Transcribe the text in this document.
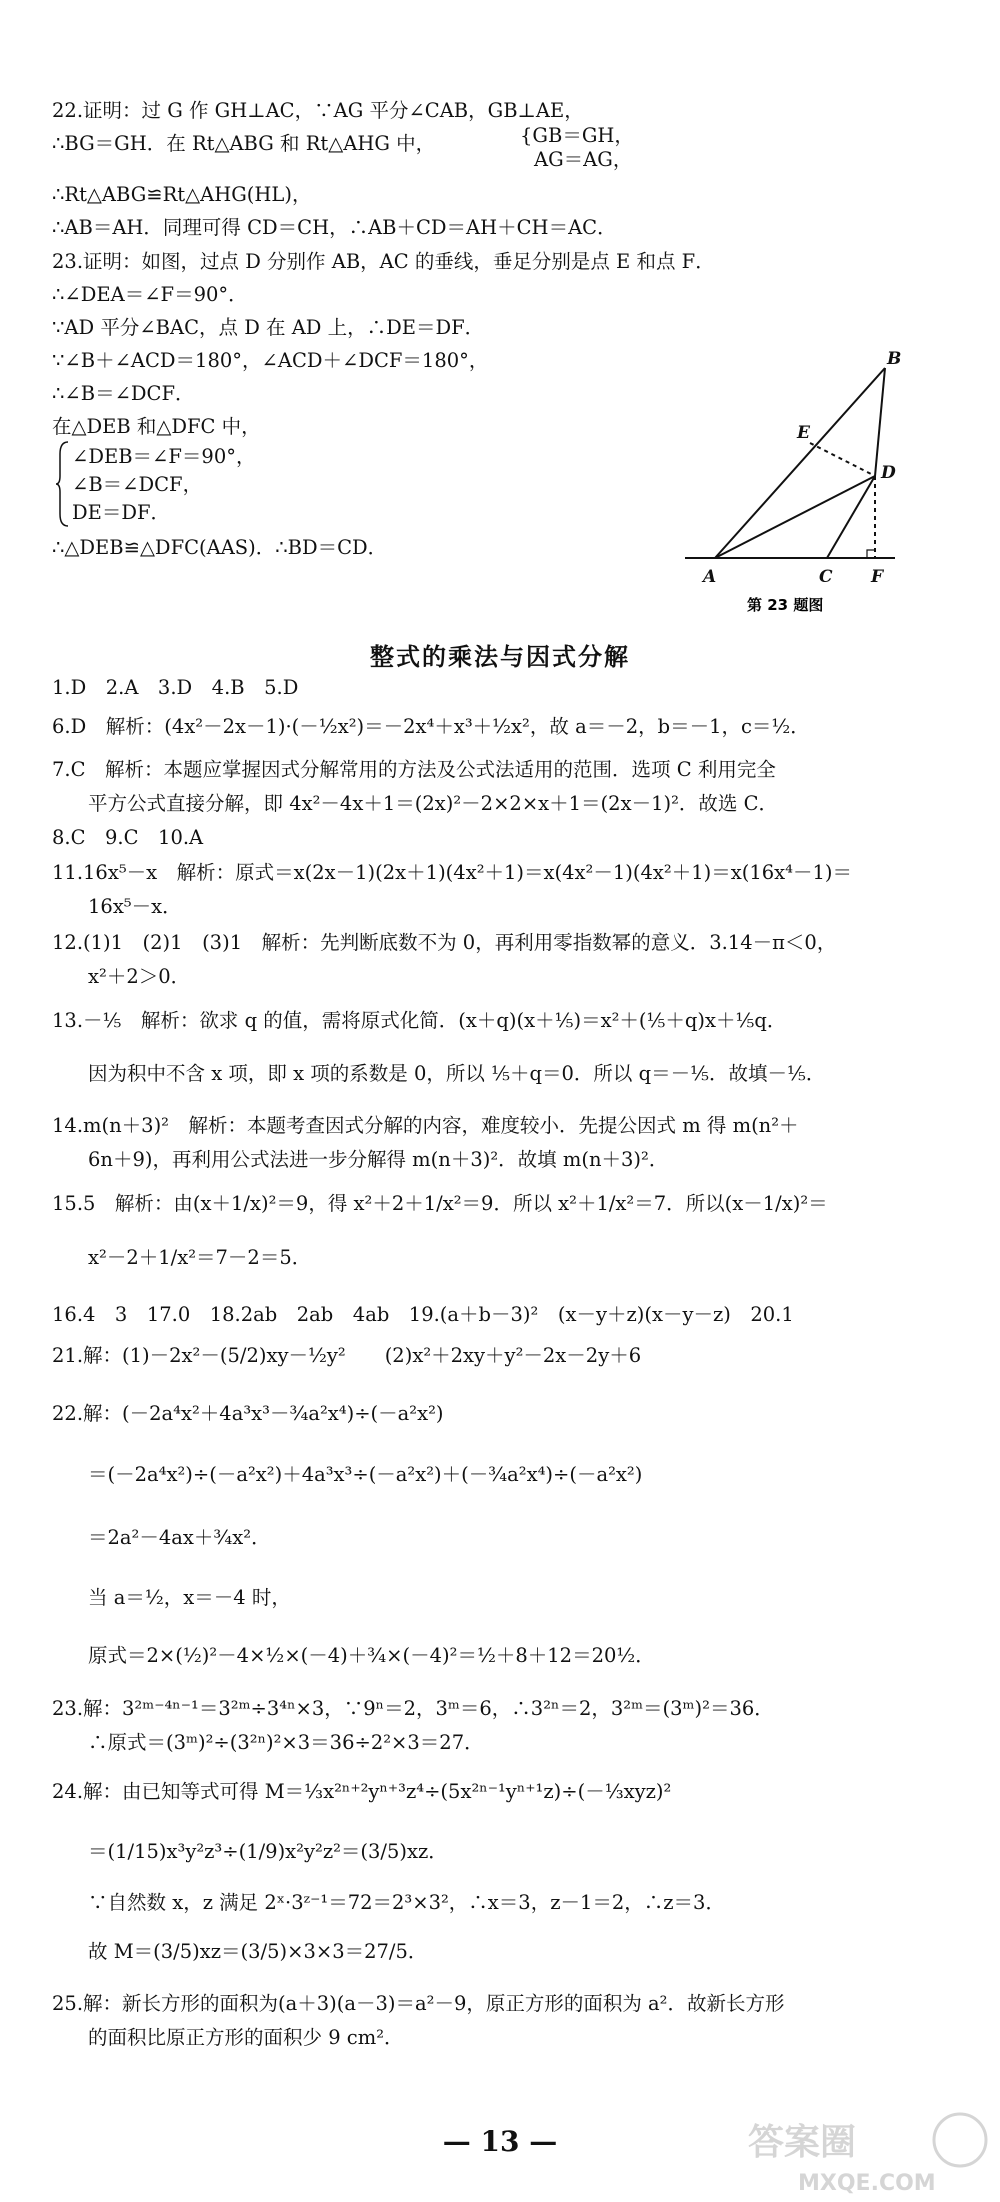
22.证明：过 G 作 GH⊥AC，∵AG 平分∠CAB，GB⊥AE，
∴BG＝GH．在 Rt△ABG 和 Rt△AHG 中，	{GB＝GH，
AG＝AG，
∴Rt△ABG≌Rt△AHG(HL)，
∴AB＝AH．同理可得 CD＝CH，∴AB＋CD＝AH＋CH＝AC．
23.证明：如图，过点 D 分别作 AB，AC 的垂线，垂足分别是点 E 和点 F．
∴∠DEA＝∠F＝90°．
∵AD 平分∠BAC，点 D 在 AD 上，∴DE＝DF．
∵∠B＋∠ACD＝180°，∠ACD＋∠DCF＝180°，
∴∠B＝∠DCF．
在△DEB 和△DFC 中，
∠DEB＝∠F＝90°，
∠B＝∠DCF，
DE＝DF．
∴△DEB≌△DFC(AAS)．∴BD＝CD．
A
B
C
D
E
F
第 23 题图
整式的乘法与因式分解
1.D　2.A　3.D　4.B　5.D
6.D　解析：(4x²－2x－1)·(－½x²)＝－2x⁴＋x³＋½x²，故 a＝－2，b＝－1，c＝½．
7.C　解析：本题应掌握因式分解常用的方法及公式法适用的范围．选项 C 利用完全
平方公式直接分解，即 4x²－4x＋1＝(2x)²－2×2×x＋1＝(2x－1)²．故选 C．
8.C　9.C　10.A
11.16x⁵－x　解析：原式＝x(2x－1)(2x＋1)(4x²＋1)＝x(4x²－1)(4x²＋1)＝x(16x⁴－1)＝
16x⁵－x．
12.(1)1　(2)1　(3)1　解析：先判断底数不为 0，再利用零指数幂的意义．3.14－π＜0，
x²＋2＞0．
13.－⅕　解析：欲求 q 的值，需将原式化简．(x＋q)(x＋⅕)＝x²＋(⅕＋q)x＋⅕q．
因为积中不含 x 项，即 x 项的系数是 0，所以 ⅕＋q＝0．所以 q＝－⅕．故填－⅕．
14.m(n＋3)²　解析：本题考查因式分解的内容，难度较小．先提公因式 m 得 m(n²＋
6n＋9)，再利用公式法进一步分解得 m(n＋3)²．故填 m(n＋3)²．
15.5　解析：由(x＋1/x)²＝9，得 x²＋2＋1/x²＝9．所以 x²＋1/x²＝7．所以(x－1/x)²＝
x²－2＋1/x²＝7－2＝5．
16.4　3　17.0　18.2ab　2ab　4ab　19.(a＋b－3)²　(x－y＋z)(x－y－z)　20.1
21.解：(1)－2x²－(5/2)xy－½y²　　(2)x²＋2xy＋y²－2x－2y＋6
22.解：(－2a⁴x²＋4a³x³－¾a²x⁴)÷(－a²x²)
＝(－2a⁴x²)÷(－a²x²)＋4a³x³÷(－a²x²)＋(－¾a²x⁴)÷(－a²x²)
＝2a²－4ax＋¾x²．
当 a＝½，x＝－4 时，
原式＝2×(½)²－4×½×(－4)＋¾×(－4)²＝½＋8＋12＝20½．
23.解：3²ᵐ⁻⁴ⁿ⁻¹＝3²ᵐ÷3⁴ⁿ×3，∵9ⁿ＝2，3ᵐ＝6，∴3²ⁿ＝2，3²ᵐ＝(3ᵐ)²＝36．
∴原式＝(3ᵐ)²÷(3²ⁿ)²×3＝36÷2²×3＝27．
24.解：由已知等式可得 M＝⅓x²ⁿ⁺²yⁿ⁺³z⁴÷(5x²ⁿ⁻¹yⁿ⁺¹z)÷(－⅓xyz)²
＝(1/15)x³y²z³÷(1/9)x²y²z²＝(3/5)xz．
∵自然数 x，z 满足 2ˣ·3ᶻ⁻¹＝72＝2³×3²，∴x＝3，z－1＝2，∴z＝3．
故 M＝(3/5)xz＝(3/5)×3×3＝27/5．
25.解：新长方形的面积为(a＋3)(a－3)＝a²－9，原正方形的面积为 a²．故新长方形
的面积比原正方形的面积少 9 cm²．
— 13 —	答案圈
MXQE.COM
